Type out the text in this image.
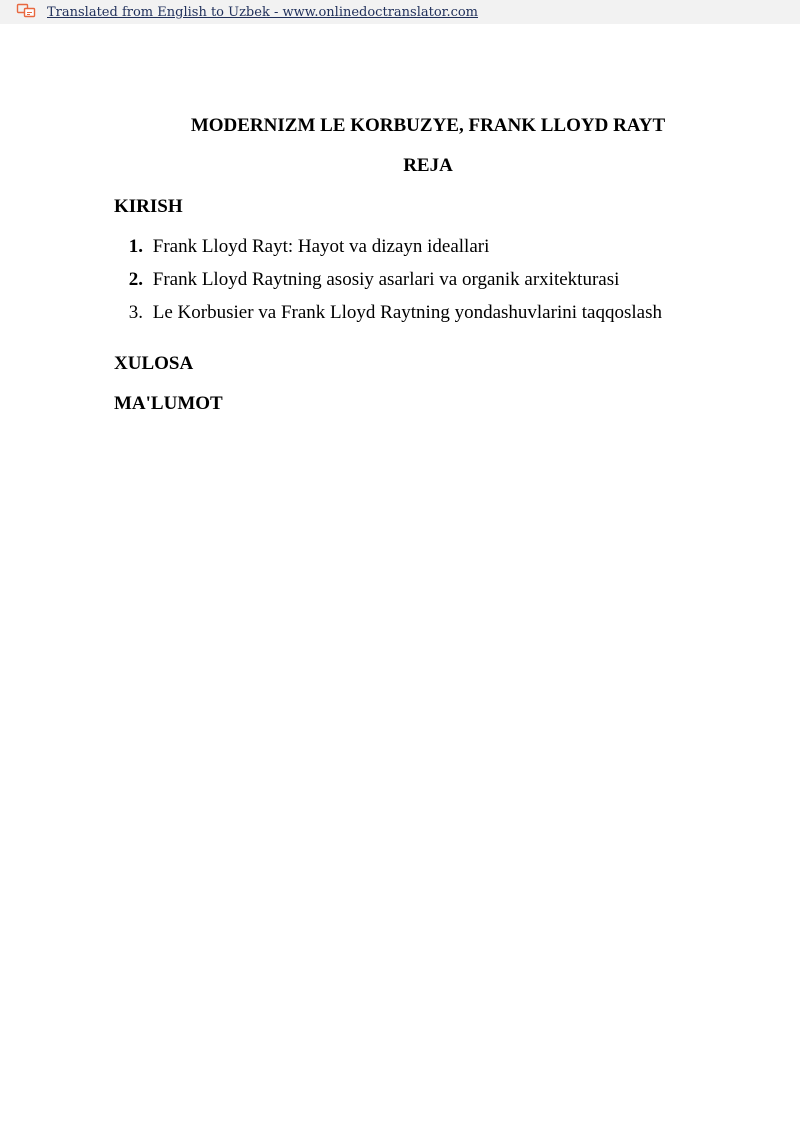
Translated from English to Uzbek - www.onlinedoctranslator.com
MODERNIZM LE KORBUZYE, FRANK LLOYD RAYT
REJA
KIRISH
1. Frank Lloyd Rayt: Hayot va dizayn ideallari
2. Frank Lloyd Raytning asosiy asarlari va organik arxitekturasi
3. Le Korbusier va Frank Lloyd Raytning yondashuvlarini taqqoslash
XULOSA
MA'LUMOT
